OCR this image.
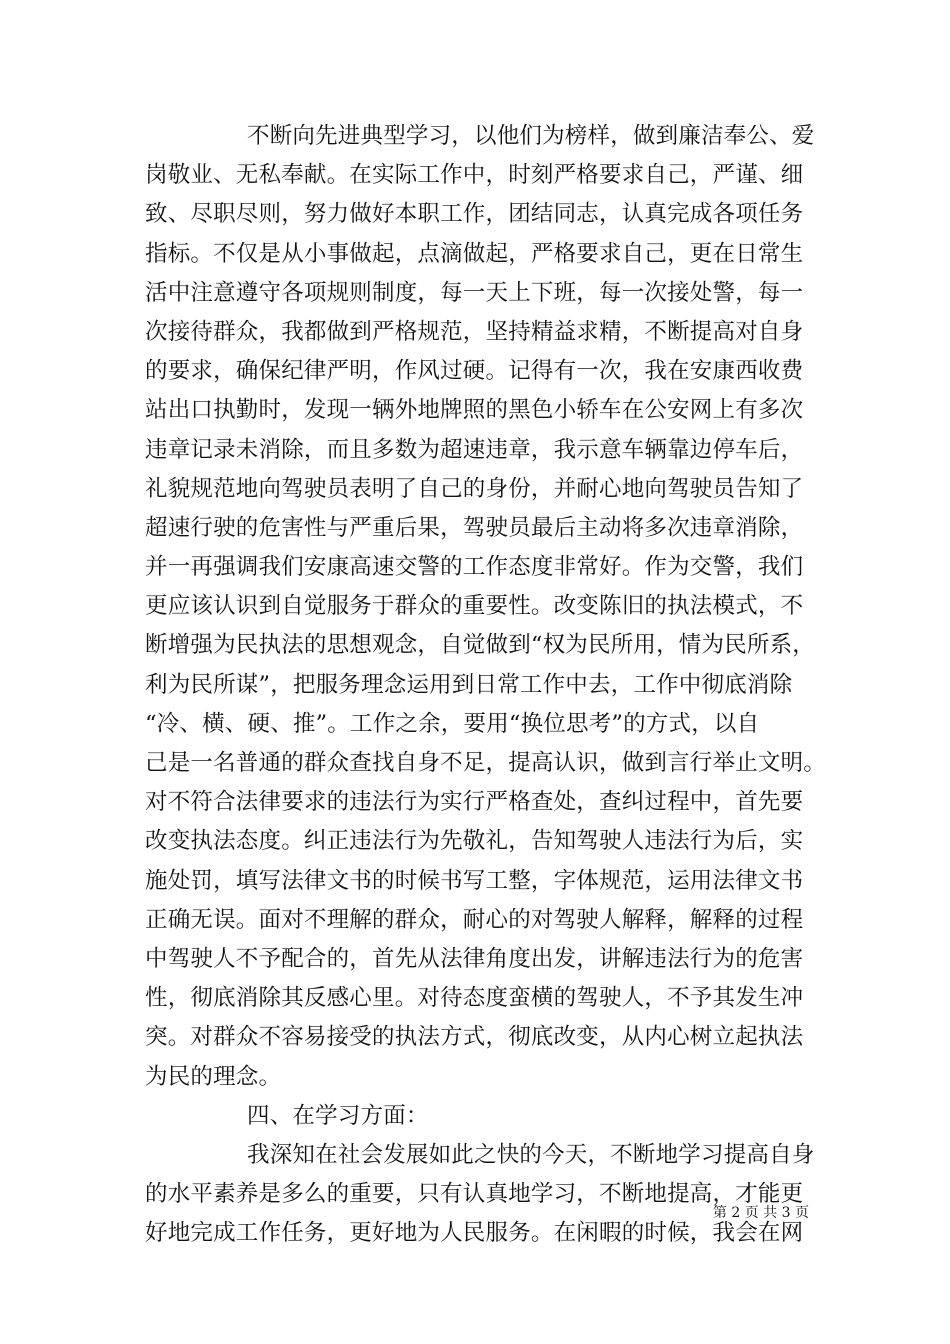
不断向先进典型学习，以他们为榜样，做到廉洁奉公、爱
岗敬业、无私奉献。在实际工作中，时刻严格要求自己，严谨、细
致、尽职尽则，努力做好本职工作，团结同志，认真完成各项任务
指标。不仅是从小事做起，点滴做起，严格要求自己，更在日常生
活中注意遵守各项规则制度，每一天上下班，每一次接处警，每一
次接待群众，我都做到严格规范，坚持精益求精，不断提高对自身
的要求，确保纪律严明，作风过硬。记得有一次，我在安康西收费
站出口执勤时，发现一辆外地牌照的黑色小轿车在公安网上有多次
违章记录未消除，而且多数为超速违章，我示意车辆靠边停车后，
礼貌规范地向驾驶员表明了自己的身份，并耐心地向驾驶员告知了
超速行驶的危害性与严重后果，驾驶员最后主动将多次违章消除，
并一再强调我们安康高速交警的工作态度非常好。作为交警，我们
更应该认识到自觉服务于群众的重要性。改变陈旧的执法模式，不
断增强为民执法的思想观念，自觉做到“权为民所用，情为民所系，
利为民所谋”，把服务理念运用到日常工作中去，工作中彻底消除
“冷、横、硬、推”。工作之余，要用“换位思考”的方式，以自
己是一名普通的群众查找自身不足，提高认识，做到言行举止文明。
对不符合法律要求的违法行为实行严格查处，查纠过程中，首先要
改变执法态度。纠正违法行为先敬礼，告知驾驶人违法行为后，实
施处罚，填写法律文书的时候书写工整，字体规范，运用法律文书
正确无误。面对不理解的群众，耐心的对驾驶人解释，解释的过程
中驾驶人不予配合的，首先从法律角度出发，讲解违法行为的危害
性，彻底消除其反感心里。对待态度蛮横的驾驶人，不予其发生冲
突。对群众不容易接受的执法方式，彻底改变，从内心树立起执法
为民的理念。
四、在学习方面：
我深知在社会发展如此之快的今天，不断地学习提高自身
的水平素养是多么的重要，只有认真地学习，不断地提高，才能更
好地完成工作任务，更好地为人民服务。在闲暇的时候，我会在网
第 2 页 共 3 页
